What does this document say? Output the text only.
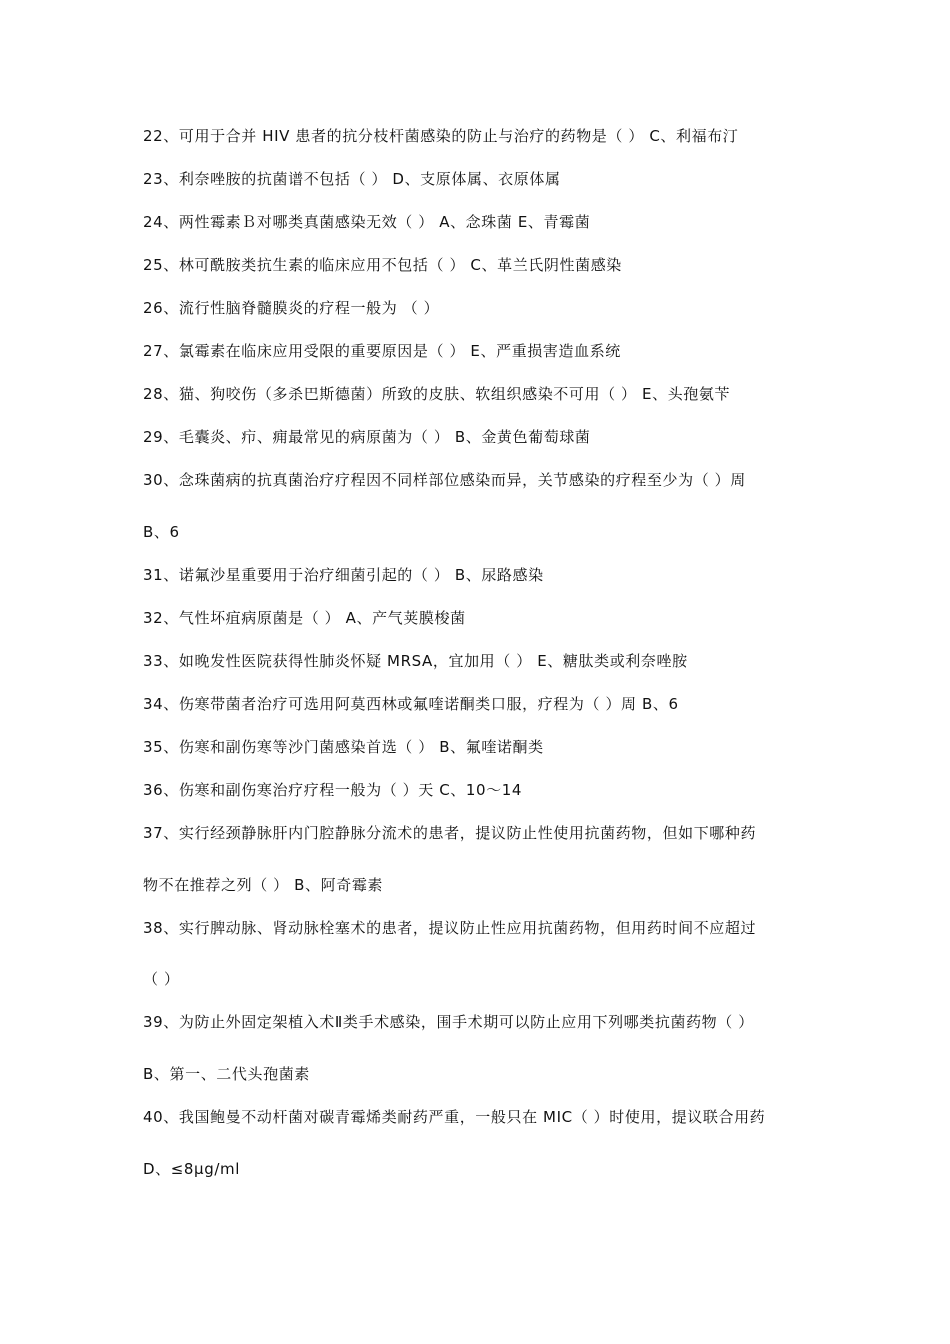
22、可用于合并 HIV 患者的抗分枝杆菌感染的防止与治疗的药物是（ ） C、利福布汀
23、利奈唑胺的抗菌谱不包括（ ） D、支原体属、衣原体属
24、两性霉素Ｂ对哪类真菌感染无效（ ） A、念珠菌 E、青霉菌
25、林可酰胺类抗生素的临床应用不包括（ ） C、革兰氏阴性菌感染
26、流行性脑脊髓膜炎的疗程一般为 （ ）
27、氯霉素在临床应用受限的重要原因是（ ） E、严重损害造血系统
28、猫、狗咬伤（多杀巴斯德菌）所致的皮肤、软组织感染不可用（ ） E、头孢氨苄
29、毛囊炎、疖、痈最常见的病原菌为（ ） B、金黄色葡萄球菌
30、念珠菌病的抗真菌治疗疗程因不同样部位感染而异，关节感染的疗程至少为（ ）周
B、6
31、诺氟沙星重要用于治疗细菌引起的（ ） B、尿路感染
32、气性坏疽病原菌是（ ） A、产气荚膜梭菌
33、如晚发性医院获得性肺炎怀疑 MRSA，宜加用（ ） E、糖肽类或利奈唑胺
34、伤寒带菌者治疗可选用阿莫西林或氟喹诺酮类口服，疗程为（ ）周 B、6
35、伤寒和副伤寒等沙门菌感染首选（ ） B、氟喹诺酮类
36、伤寒和副伤寒治疗疗程一般为（ ）天 C、10～14
37、实行经颈静脉肝内门腔静脉分流术的患者，提议防止性使用抗菌药物，但如下哪种药
物不在推荐之列（ ） B、阿奇霉素
38、实行脾动脉、肾动脉栓塞术的患者，提议防止性应用抗菌药物，但用药时间不应超过
（ ）
39、为防止外固定架植入术Ⅱ类手术感染，围手术期可以防止应用下列哪类抗菌药物（ ）
B、第一、二代头孢菌素
40、我国鲍曼不动杆菌对碳青霉烯类耐药严重，一般只在 MIC（ ）时使用，提议联合用药
D、≤8μg/ml
